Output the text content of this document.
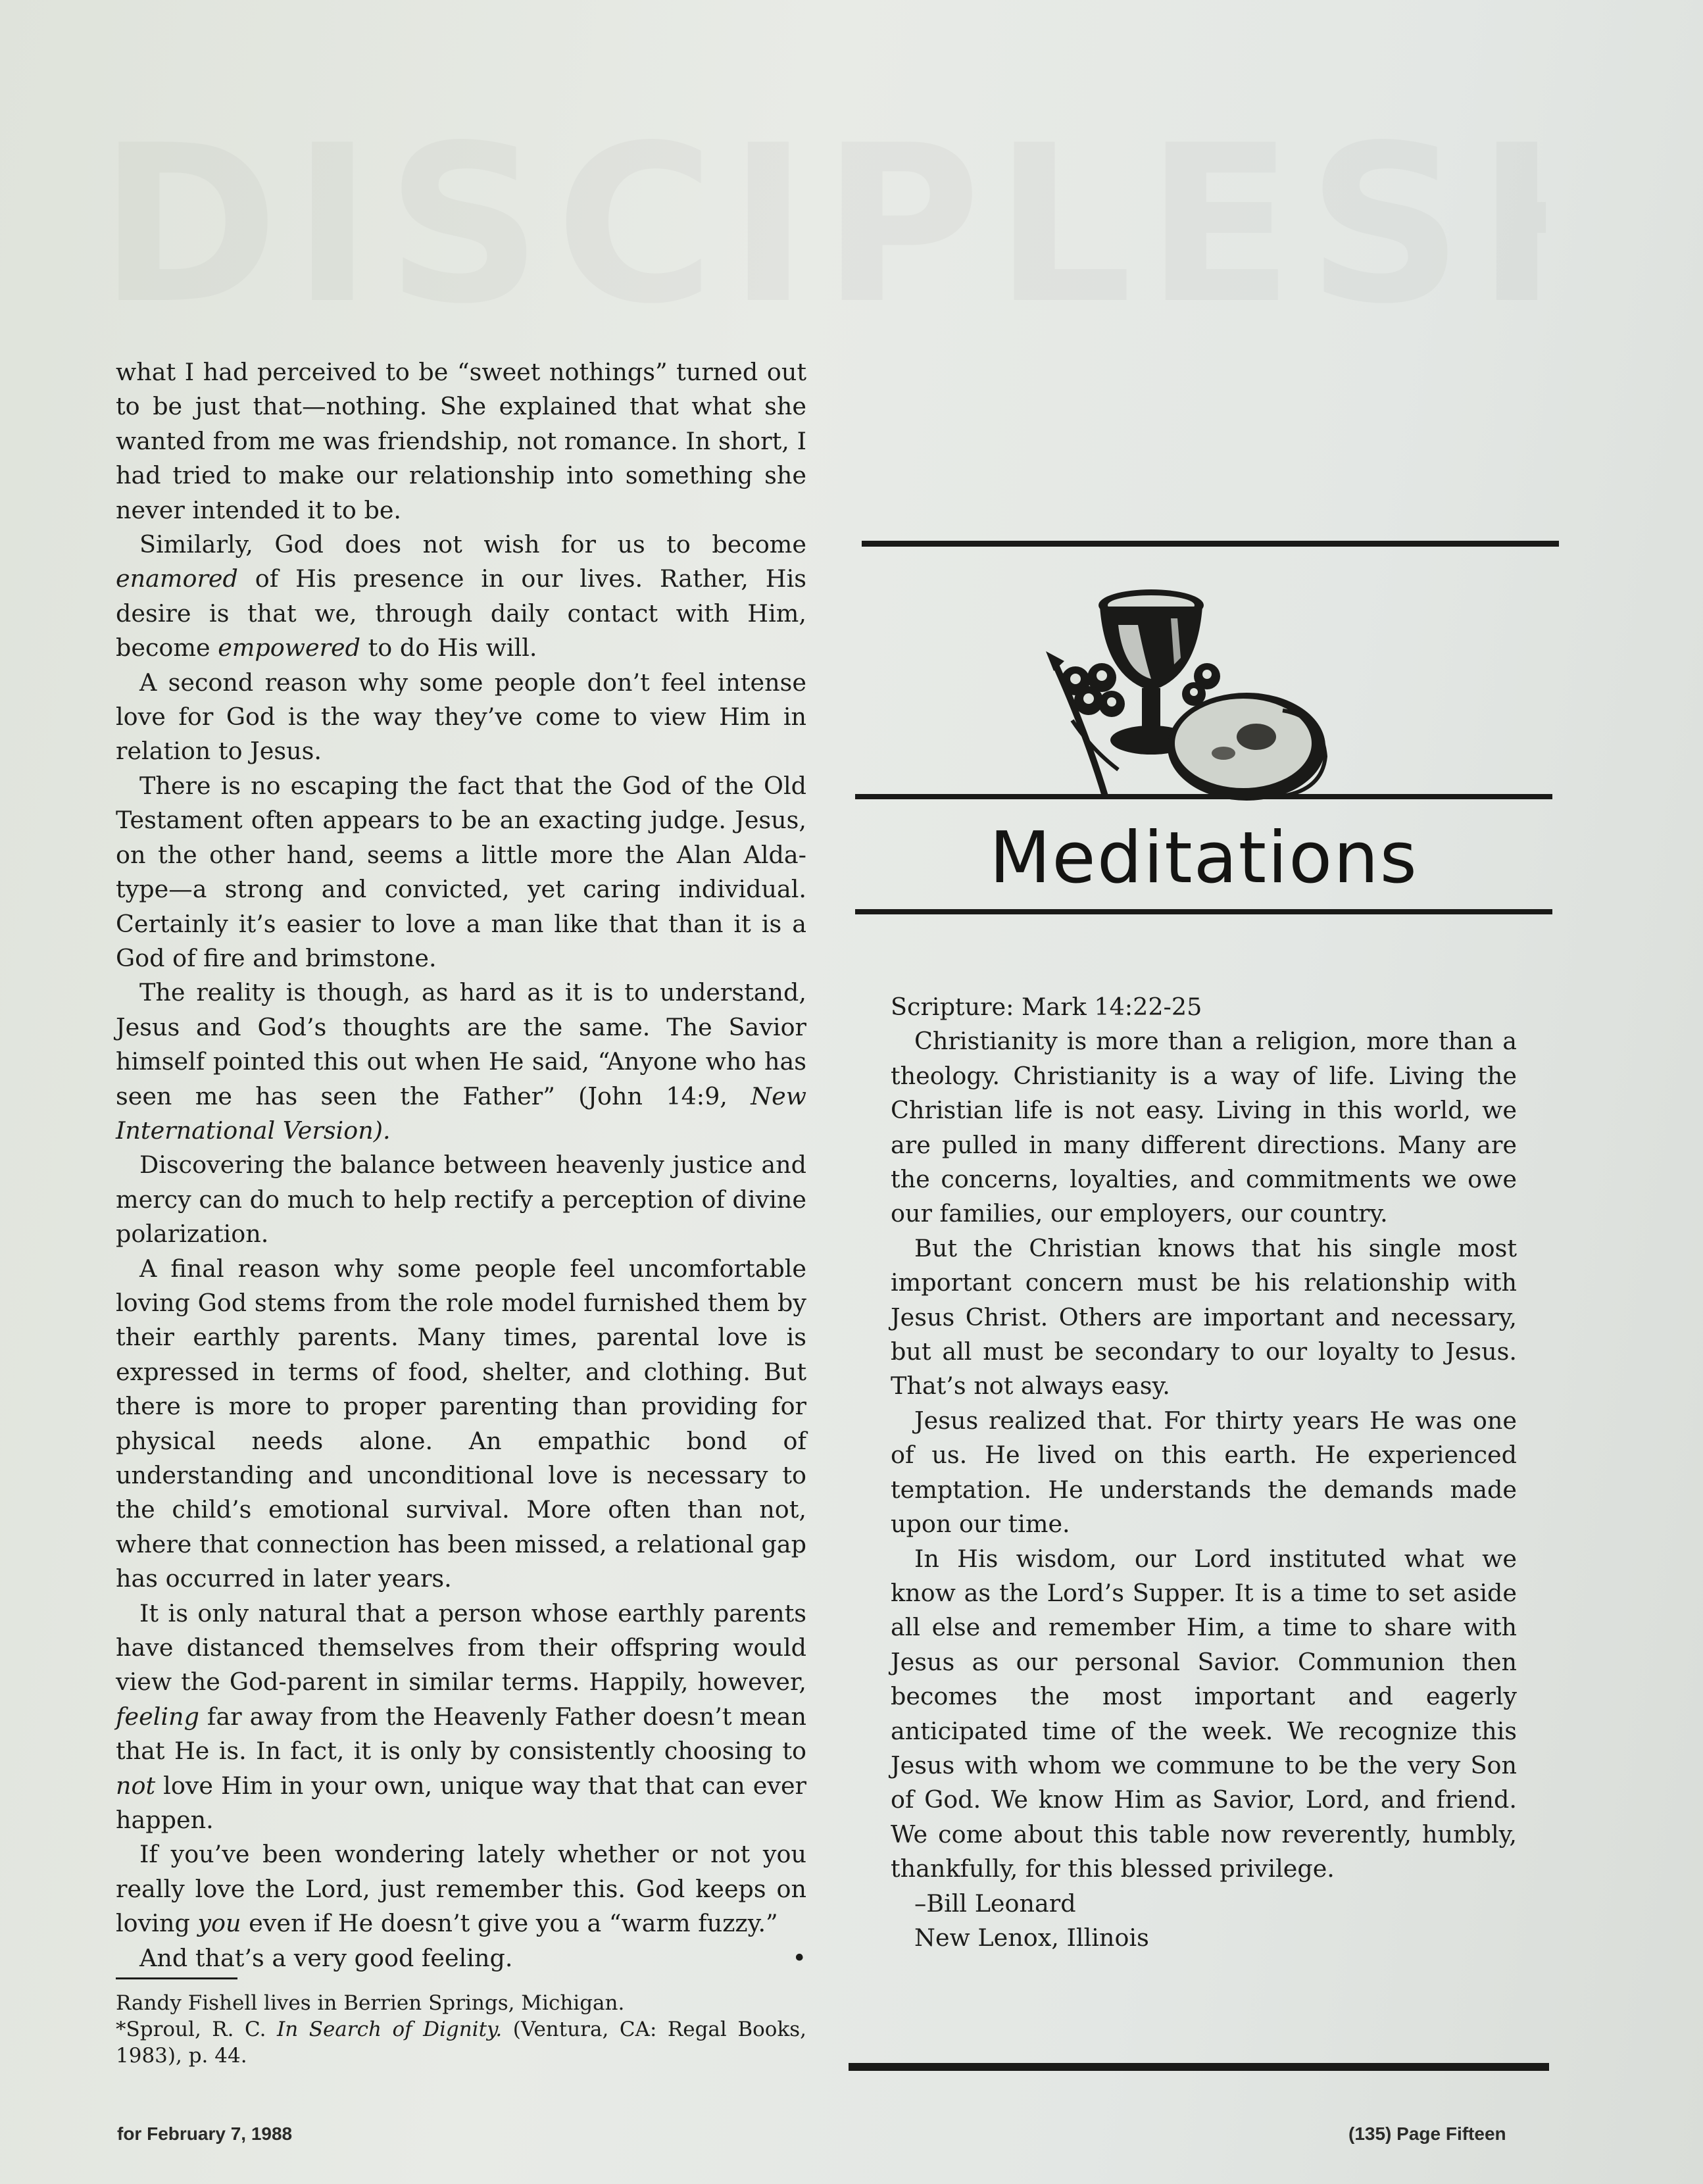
what I had perceived to be “sweet nothings” turned out to be just that—nothing. She explained that what she wanted from me was friendship, not romance. In short, I had tried to make our relationship into something she never intended it to be.

Similarly, God does not wish for us to become enamored of His presence in our lives. Rather, His desire is that we, through daily contact with Him, become empowered to do His will.

A second reason why some people don’t feel intense love for God is the way they’ve come to view Him in relation to Jesus.

There is no escaping the fact that the God of the Old Testament often appears to be an exacting judge. Jesus, on the other hand, seems a little more the Alan Alda-type—a strong and convicted, yet caring individual. Certainly it’s easier to love a man like that than it is a God of fire and brimstone.

The reality is though, as hard as it is to understand, Jesus and God’s thoughts are the same. The Savior himself pointed this out when He said, “Anyone who has seen me has seen the Father” (John 14:9, New International Version).

Discovering the balance between heavenly justice and mercy can do much to help rectify a perception of divine polarization.

A final reason why some people feel uncomfortable loving God stems from the role model furnished them by their earthly parents. Many times, parental love is expressed in terms of food, shelter, and clothing. But there is more to proper parenting than providing for physical needs alone. An empathic bond of understanding and unconditional love is necessary to the child’s emotional survival. More often than not, where that connection has been missed, a relational gap has occurred in later years.

It is only natural that a person whose earthly parents have distanced themselves from their offspring would view the God-parent in similar terms. Happily, however, feeling far away from the Heavenly Father doesn’t mean that He is. In fact, it is only by consistently choosing to not love Him in your own, unique way that that can ever happen.

If you’ve been wondering lately whether or not you really love the Lord, just remember this. God keeps on loving you even if He doesn’t give you a “warm fuzzy.”

And that’s a very good feeling.	•

Randy Fishell lives in Berrien Springs, Michigan.

*Sproul, R. C. In Search of Dignity. (Ventura, CA: Regal Books, 1983), p. 44.

Meditations

Scripture: Mark 14:22-25

Christianity is more than a religion, more than a theology. Christianity is a way of life. Living the Christian life is not easy. Living in this world, we are pulled in many different directions. Many are the concerns, loyalties, and commitments we owe our families, our employers, our country.

But the Christian knows that his single most important concern must be his relationship with Jesus Christ. Others are important and necessary, but all must be secondary to our loyalty to Jesus. That’s not always easy.

Jesus realized that. For thirty years He was one of us. He lived on this earth. He experienced temptation. He understands the demands made upon our time.

In His wisdom, our Lord instituted what we know as the Lord’s Supper. It is a time to set aside all else and remember Him, a time to share with Jesus as our personal Savior. Communion then becomes the most important and eagerly anticipated time of the week. We recognize this Jesus with whom we commune to be the very Son of God. We know Him as Savior, Lord, and friend. We come about this table now reverently, humbly, thankfully, for this blessed privilege.

–Bill Leonard

New Lenox, Illinois

for February 7, 1988	(135) Page Fifteen
